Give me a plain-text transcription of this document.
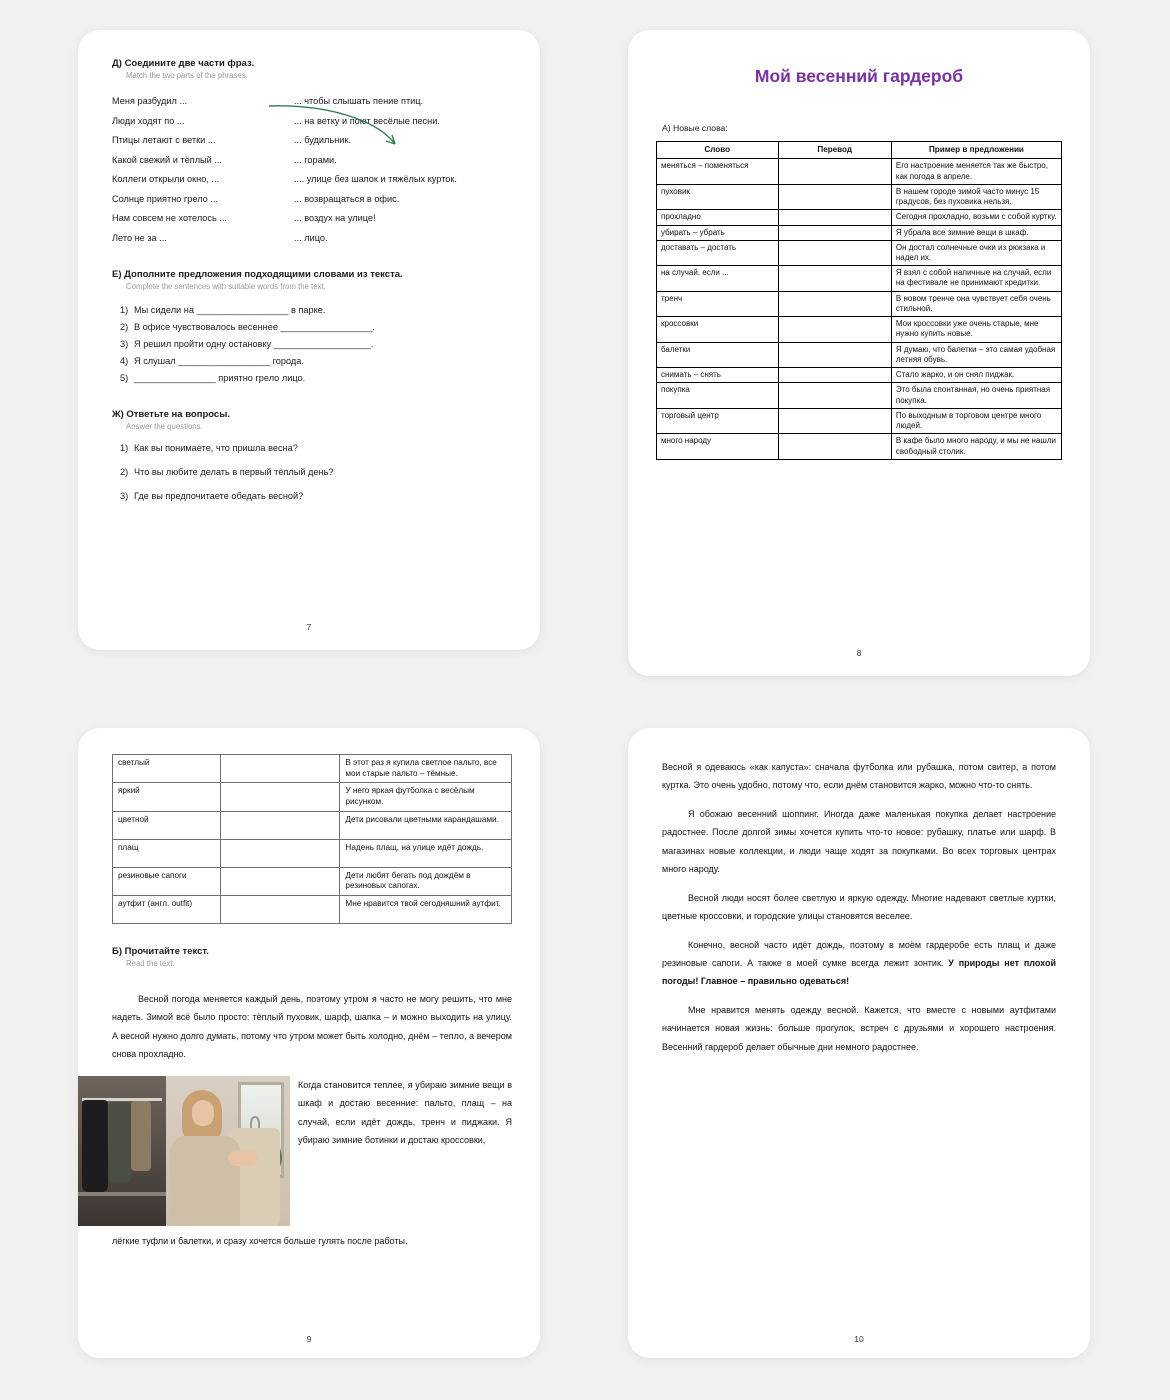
Д) Соедините две части фраз.

Match the two parts of the phrases.

Меня разбудил ...	... чтобы слышать пение птиц.
Люди ходят по ...	... на ветку и поют весёлые песни.
Птицы летают с ветки ...	... будильник.
Какой свежий и тёплый ...	... горами.
Коллеги открыли окно, ...	.... улице без шапок и тяжёлых курток.
Солнце приятно грело ...	... возвращаться в офис.
Нам совсем не хотелось ...	... воздух на улице!
Лето не за ...	... лицо.

Е) Дополните предложения подходящими словами из текста.

Complete the sentences with suitable words from the text.

1) Мы сидели на __________________ в парке.
2) В офисе чувствовалось весеннее __________________.
3) Я решил пройти одну остановку ___________________.
4) Я слушал __________________ города.
5) ________________ приятно грело лицо.

Ж) Ответьте на вопросы.

Answer the questions.

1) Как вы понимаете, что пришла весна?
2) Что вы любите делать в первый тёплый день?
3) Где вы предпочитаете обедать весной?
7
Мой весенний гардероб
А) Новые слова:
Слово	Перевод	Пример в предложении
меняться – поменяться		Его настроение меняется так же быстро, как погода в апреле.
пуховик		В нашем городе зимой часто минус 15 градусов, без пуховика нельзя.
прохладно		Сегодня прохладно, возьми с собой куртку.
убирать – убрать		Я убрала все зимние вещи в шкаф.
доставать – достать		Он достал солнечные очки из рюкзака и надел их.
на случай, если ...		Я взял с собой наличные на случай, если на фестивале не принимают кредитки.
тренч		В новом тренче она чувствует себя очень стильной.
кроссовки		Мои кроссовки уже очень старые, мне нужно купить новые.
балетки		Я думаю, что балетки – это самая удобная летняя обувь.
снимать – снять		Стало жарко, и он снял пиджак.
покупка		Это была спонтанная, но очень приятная покупка.
торговый центр		По выходным в торговом центре много людей.
много народу		В кафе было много народу, и мы не нашли свободный столик.
8
светлый		В этот раз я купила светлое пальто, все мои старые пальто – тёмные.
яркий		У него яркая футболка с весёлым рисунком.
цветной		Дети рисовали цветными карандашами.
плащ		Надень плащ, на улице идёт дождь.
резиновые сапоги		Дети любят бегать под дождём в резиновых сапогах.
аутфит (англ. outfit)		Мне нравится твой сегодняшний аутфит.

Б) Прочитайте текст.

Read the text.

Весной погода меняется каждый день, поэтому утром я часто не могу решить, что мне надеть. Зимой всё было просто: тёплый пуховик, шарф, шапка – и можно выходить на улицу. А весной нужно долго думать, потому что утром может быть холодно, днём – тепло, а вечером снова прохладно.

Когда становится теплее, я убираю зимние вещи в шкаф и достаю весенние: пальто, плащ – на случай, если идёт дождь, тренч и пиджаки. Я убираю зимние ботинки и достаю кроссовки,

лёгкие туфли и балетки, и сразу хочется больше гулять после работы.

9

Весной я одеваюсь «как капуста»: сначала футболка или рубашка, потом свитер, а потом куртка. Это очень удобно, потому что, если днём становится жарко, можно что-то снять.

Я обожаю весенний шоппинг. Иногда даже маленькая покупка делает настроение радостнее. После долгой зимы хочется купить что-то новое: рубашку, платье или шарф. В магазинах новые коллекции, и люди чаще ходят за покупками. Во всех торговых центрах много народу.

Весной люди носят более светлую и яркую одежду. Многие надевают светлые куртки, цветные кроссовки, и городские улицы становятся веселее.

Конечно, весной часто идёт дождь, поэтому в моём гардеробе есть плащ и даже резиновые сапоги. А также в моей сумке всегда лежит зонтик. У природы нет плохой погоды! Главное – правильно одеваться!

Мне нравится менять одежду весной. Кажется, что вместе с новыми аутфитами начинается новая жизнь: больше прогулок, встреч с друзьями и хорошего настроения. Весенний гардероб делает обычные дни немного радостнее.

10
